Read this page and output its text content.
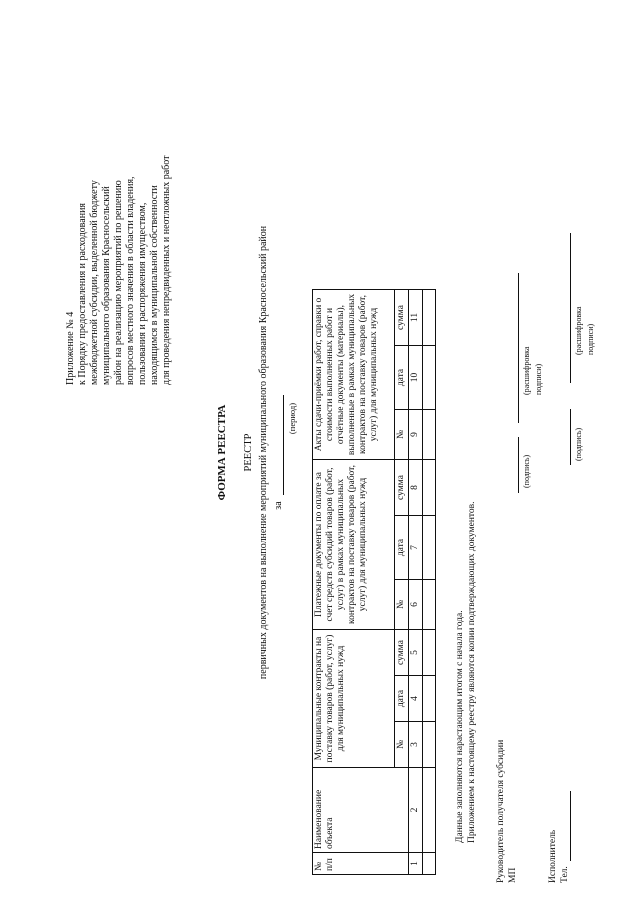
Приложение № 4 к Порядку предоставления и расходования межбюджетной субсидии, выделенной бюджету муниципального образования Красносельский район на реализацию мероприятий по решению вопросов местного значения в области владения, пользования и распоряжения имуществом, находящимся в муниципальной собственности для проведения непредвиденных и неотложных работ
ФОРМА РЕЕСТРА РЕЕСТР первичных документов на выполнение мероприятий муниципального образования Красносельский район за
(период)
№ п/п	Наименование объекта	Муниципальные контракты на поставку товаров (работ, услуг) для муниципальных нужд			Платежные документы по оплате за счет средств субсидий товаров (работ, услуг) в рамках муниципальных контрактов на поставку товаров (работ, услуг) для муниципальных нужд			Акты сдачи-приёмки работ, справки о стоимости выполненных работ и отчётные документы (материалы), выполненные в рамках муниципальных контрактов на поставку товаров (работ, услуг) для муниципальных нужд		
		№	дата	сумма	№	дата	сумма	№	дата	сумма
1	2	3	4	5	6	7	8	9	10	11

Данные заполняются нарастающим итогом с начала года. Приложением к настоящему реестру являются копии подтверждающих документов. Руководитель получателя субсидии МП
(подпись)
(расшифровка подписи)
Исполнитель Тел.
(подпись)
(расшифровка подписи)
